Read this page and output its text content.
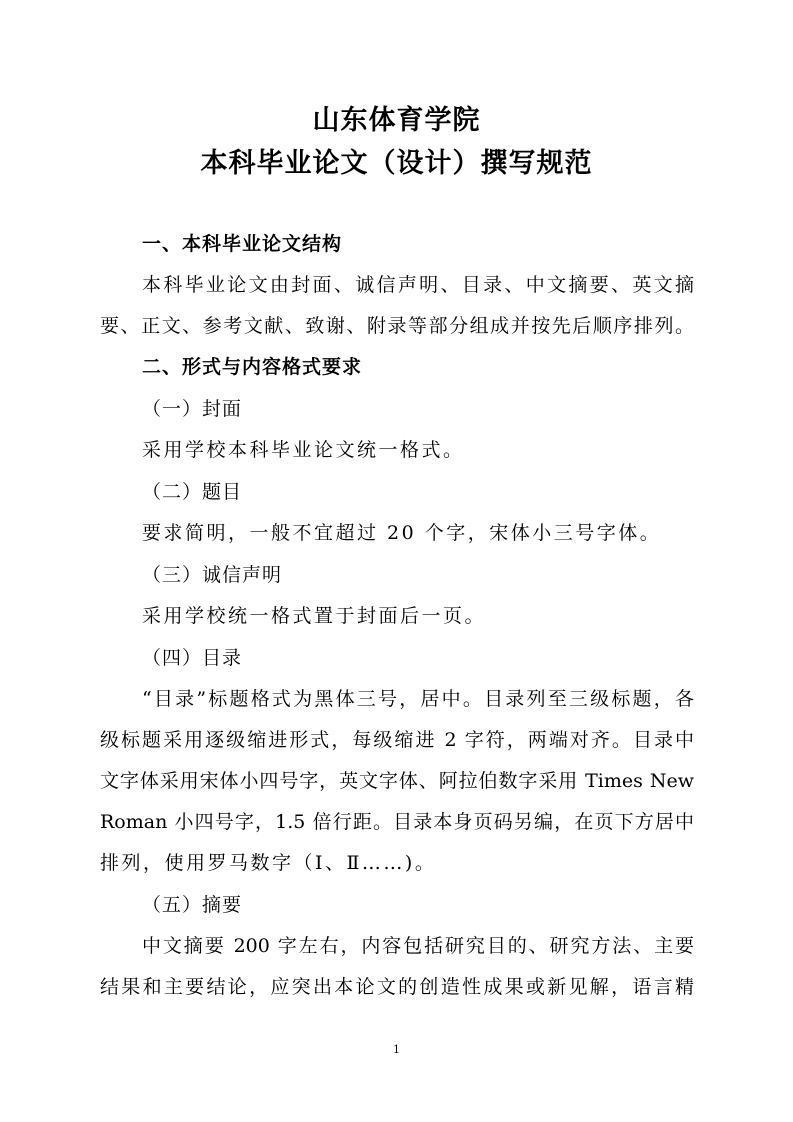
山东体育学院
本科毕业论文（设计）撰写规范
一、本科毕业论文结构
本科毕业论文由封面、诚信声明、目录、中文摘要、英文摘
要、正文、参考文献、致谢、附录等部分组成并按先后顺序排列。
二、形式与内容格式要求
（一）封面
采用学校本科毕业论文统一格式。
（二）题目
要求简明，一般不宜超过 20 个字，宋体小三号字体。
（三）诚信声明
采用学校统一格式置于封面后一页。
（四）目录
“目录”标题格式为黑体三号，居中。目录列至三级标题，各
级标题采用逐级缩进形式，每级缩进 2 字符，两端对齐。目录中
文字体采用宋体小四号字，英文字体、阿拉伯数字采用 Times New
Roman 小四号字，1.5 倍行距。目录本身页码另编，在页下方居中
排列，使用罗马数字（Ⅰ、Ⅱ……)。
（五）摘要
中文摘要 200 字左右，内容包括研究目的、研究方法、主要
结果和主要结论，应突出本论文的创造性成果或新见解，语言精
1
